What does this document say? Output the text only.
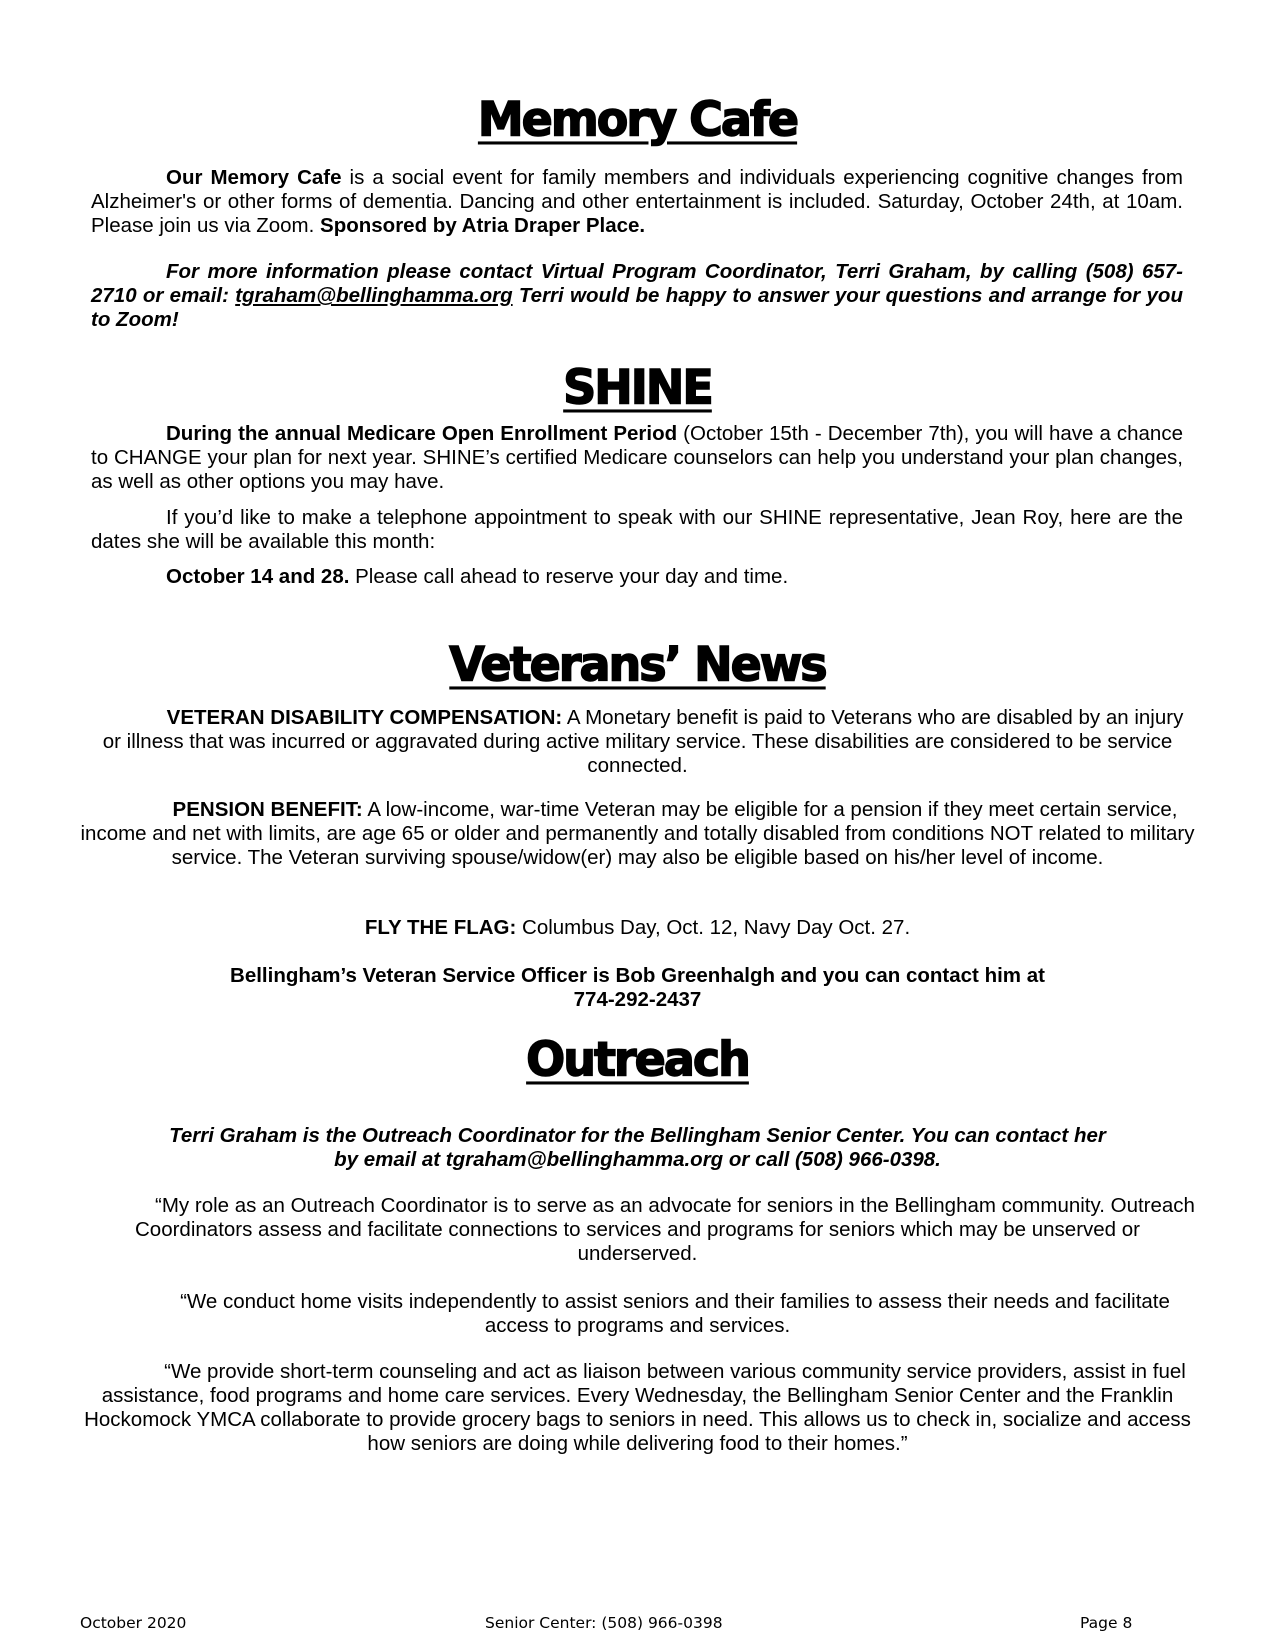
Memory Cafe

Our Memory Cafe is a social event for family members and individuals experiencing cognitive changes from Alzheimer's or other forms of dementia. Dancing and other entertainment is included. Saturday, October 24th, at 10am. Please join us via Zoom. Sponsored by Atria Draper Place.

For more information please contact Virtual Program Coordinator, Terri Graham, by calling (508) 657-2710 or email: tgraham@bellinghamma.org Terri would be happy to answer your questions and arrange for you to Zoom!

SHINE

During the annual Medicare Open Enrollment Period (October 15th - December 7th), you will have a chance to CHANGE your plan for next year. SHINE’s certified Medicare counselors can help you understand your plan changes, as well as other options you may have.

If you’d like to make a telephone appointment to speak with our SHINE representative, Jean Roy, here are the dates she will be available this month:

October 14 and 28. Please call ahead to reserve your day and time.

Veterans’ News

VETERAN DISABILITY COMPENSATION: A Monetary benefit is paid to Veterans who are disabled by an injury or illness that was incurred or aggravated during active military service. These disabilities are considered to be service connected.

PENSION BENEFIT: A low-income, war-time Veteran may be eligible for a pension if they meet certain service, income and net with limits, are age 65 or older and permanently and totally disabled from conditions NOT related to military service. The Veteran surviving spouse/widow(er) may also be eligible based on his/her level of income.

FLY THE FLAG: Columbus Day, Oct. 12, Navy Day Oct. 27.

Bellingham’s Veteran Service Officer is Bob Greenhalgh and you can contact him at
774-292-2437

Outreach

Terri Graham is the Outreach Coordinator for the Bellingham Senior Center. You can contact her
by email at tgraham@bellinghamma.org or call (508) 966-0398.

“My role as an Outreach Coordinator is to serve as an advocate for seniors in the Bellingham community. Outreach Coordinators assess and facilitate connections to services and programs for seniors which may be unserved or underserved.

“We conduct home visits independently to assist seniors and their families to assess their needs and facilitate access to programs and services.

“We provide short-term counseling and act as liaison between various community service providers, assist in fuel assistance, food programs and home care services. Every Wednesday, the Bellingham Senior Center and the Franklin Hockomock YMCA collaborate to provide grocery bags to seniors in need. This allows us to check in, socialize and access how seniors are doing while delivering food to their homes.”

October 2020	Senior Center: (508) 966-0398	Page 8
